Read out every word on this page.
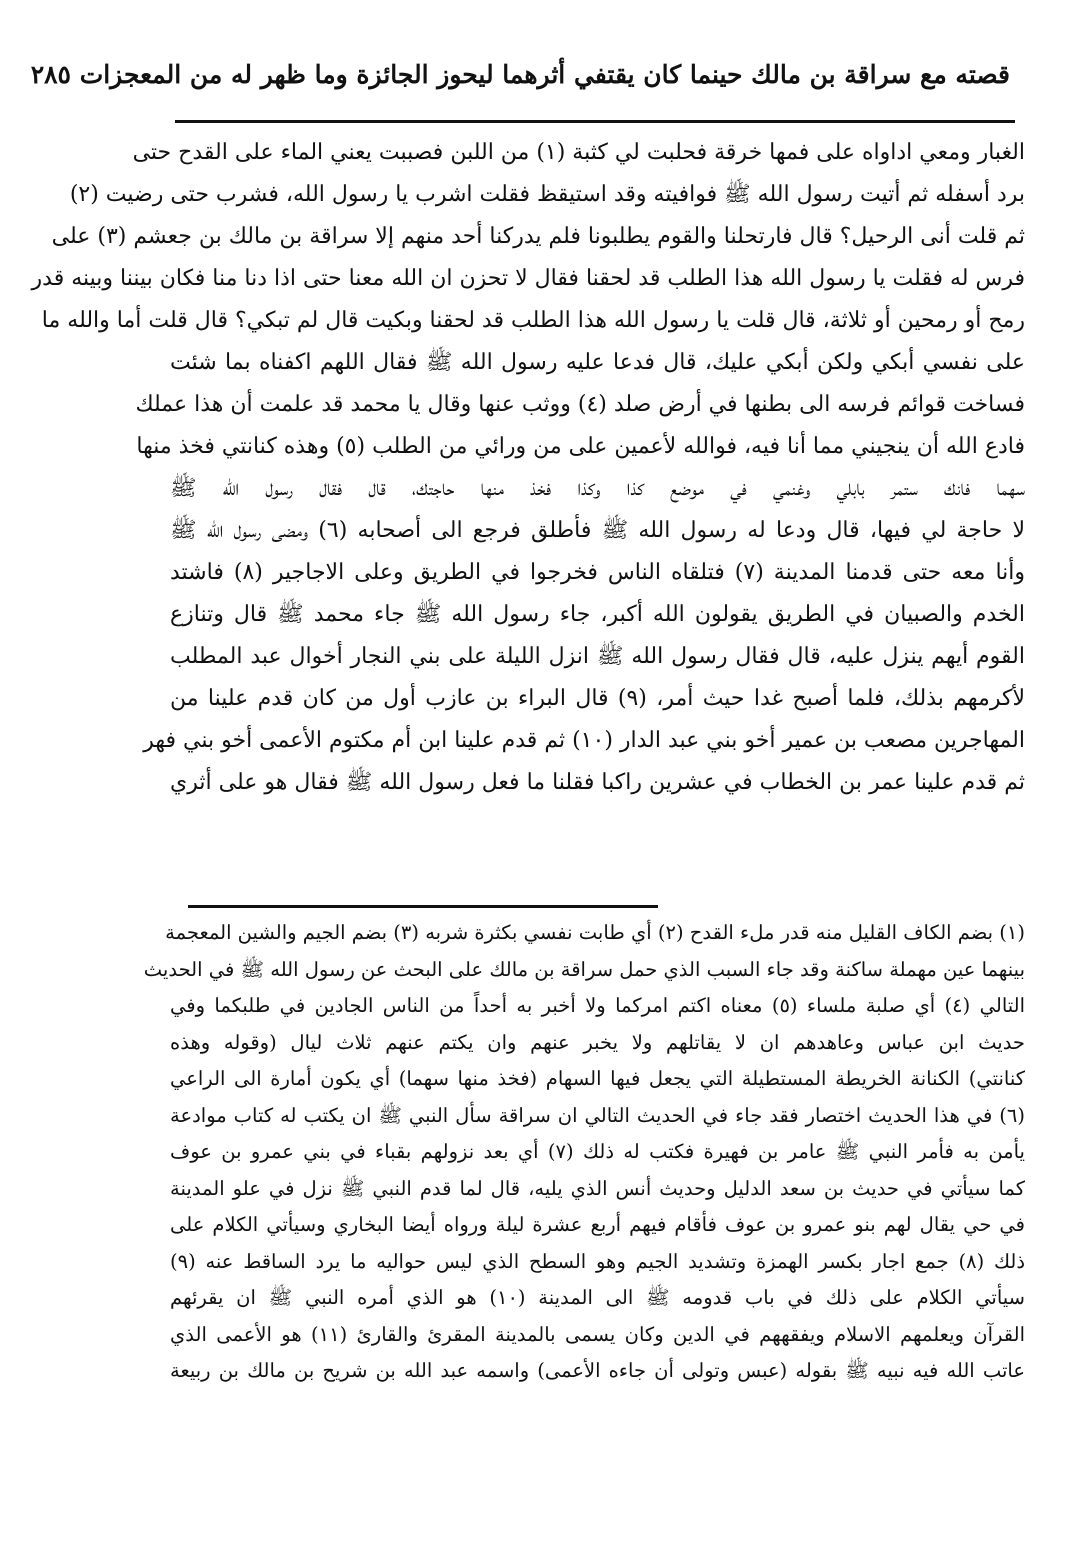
قصته مع سراقة بن مالك حينما كان يقتفي أثرهما ليحوز الجائزة وما ظهر له من المعجزات ٢٨٥
الغبار ومعي اداواه على فمها خرقة فحلبت لي كثبة (١) من اللبن فصببت يعني الماء على القدح حتى
برد أسفله ثم أتيت رسول الله ﷺ فوافيته وقد استيقظ فقلت اشرب يا رسول الله، فشرب حتى رضيت (٢)
ثم قلت أنى الرحيل؟ قال فارتحلنا والقوم يطلبونا فلم يدركنا أحد منهم إلا سراقة بن مالك بن جعشم (٣) على
فرس له فقلت يا رسول الله هذا الطلب قد لحقنا فقال لا تحزن ان الله معنا حتى اذا دنا منا فكان بيننا وبينه قدر
رمح أو رمحين أو ثلاثة، قال قلت يا رسول الله هذا الطلب قد لحقنا وبكيت قال لم تبكي؟ قال قلت أما والله ما
على نفسي أبكي ولكن أبكي عليك، قال فدعا عليه رسول الله ﷺ فقال اللهم اكفناه بما شئت
فساخت قوائم فرسه الى بطنها في أرض صلد (٤) ووثب عنها وقال يا محمد قد علمت أن هذا عملك
فادع الله أن ينجيني مما أنا فيه، فوالله لأعمين على من ورائي من الطلب (٥) وهذه كنانتي فخذ منها
سهما فانك ستمر بابلي وغنمي في موضع كذا وكذا فخذ منها حاجتك، قال فقال رسول الله ﷺ
لا حاجة لي فيها، قال ودعا له رسول الله ﷺ فأطلق فرجع الى أصحابه (٦) ومضى رسول الله ﷺ
وأنا معه حتى قدمنا المدينة (٧) فتلقاه الناس فخرجوا في الطريق وعلى الاجاجير (٨) فاشتد
الخدم والصبيان في الطريق يقولون الله أكبر، جاء رسول الله ﷺ جاء محمد ﷺ قال وتنازع
القوم أيهم ينزل عليه، قال فقال رسول الله ﷺ انزل الليلة على بني النجار أخوال عبد المطلب
لأكرمهم بذلك، فلما أصبح غدا حيث أمر، (٩) قال البراء بن عازب أول من كان قدم علينا من
المهاجرين مصعب بن عمير أخو بني عبد الدار (١٠) ثم قدم علينا ابن أم مكتوم الأعمى أخو بني فهر
ثم قدم علينا عمر بن الخطاب في عشرين راكبا فقلنا ما فعل رسول الله ﷺ فقال هو على أثري
(١) بضم الكاف القليل منه قدر ملء القدح (٢) أي طابت نفسي بكثرة شربه (٣) بضم الجيم والشين المعجمة
بينهما عين مهملة ساكنة وقد جاء السبب الذي حمل سراقة بن مالك على البحث عن رسول الله ﷺ في الحديث
التالي (٤) أي صلبة ملساء (٥) معناه اكتم امركما ولا أخبر به أحداً من الناس الجادين في طلبكما وفي
حديث ابن عباس وعاهدهم ان لا يقاتلهم ولا يخبر عنهم وان يكتم عنهم ثلاث ليال (وقوله وهذه
كنانتي) الكنانة الخريطة المستطيلة التي يجعل فيها السهام (فخذ منها سهما) أي يكون أمارة الى الراعي
(٦) في هذا الحديث اختصار فقد جاء في الحديث التالي ان سراقة سأل النبي ﷺ ان يكتب له كتاب موادعة
يأمن به فأمر النبي ﷺ عامر بن فهيرة فكتب له ذلك (٧) أي بعد نزولهم بقباء في بني عمرو بن عوف
كما سيأتي في حديث بن سعد الدليل وحديث أنس الذي يليه، قال لما قدم النبي ﷺ نزل في علو المدينة
في حي يقال لهم بنو عمرو بن عوف فأقام فيهم أربع عشرة ليلة ورواه أيضا البخاري وسيأتي الكلام على
ذلك (٨) جمع اجار بكسر الهمزة وتشديد الجيم وهو السطح الذي ليس حواليه ما يرد الساقط عنه (٩)
سيأتي الكلام على ذلك في باب قدومه ﷺ الى المدينة (١٠) هو الذي أمره النبي ﷺ ان يقرئهم
القرآن ويعلمهم الاسلام ويفقههم في الدين وكان يسمى بالمدينة المقرئ والقارئ (١١) هو الأعمى الذي
عاتب الله فيه نبيه ﷺ بقوله (عبس وتولى أن جاءه الأعمى) واسمه عبد الله بن شريح بن مالك بن ربيعة
